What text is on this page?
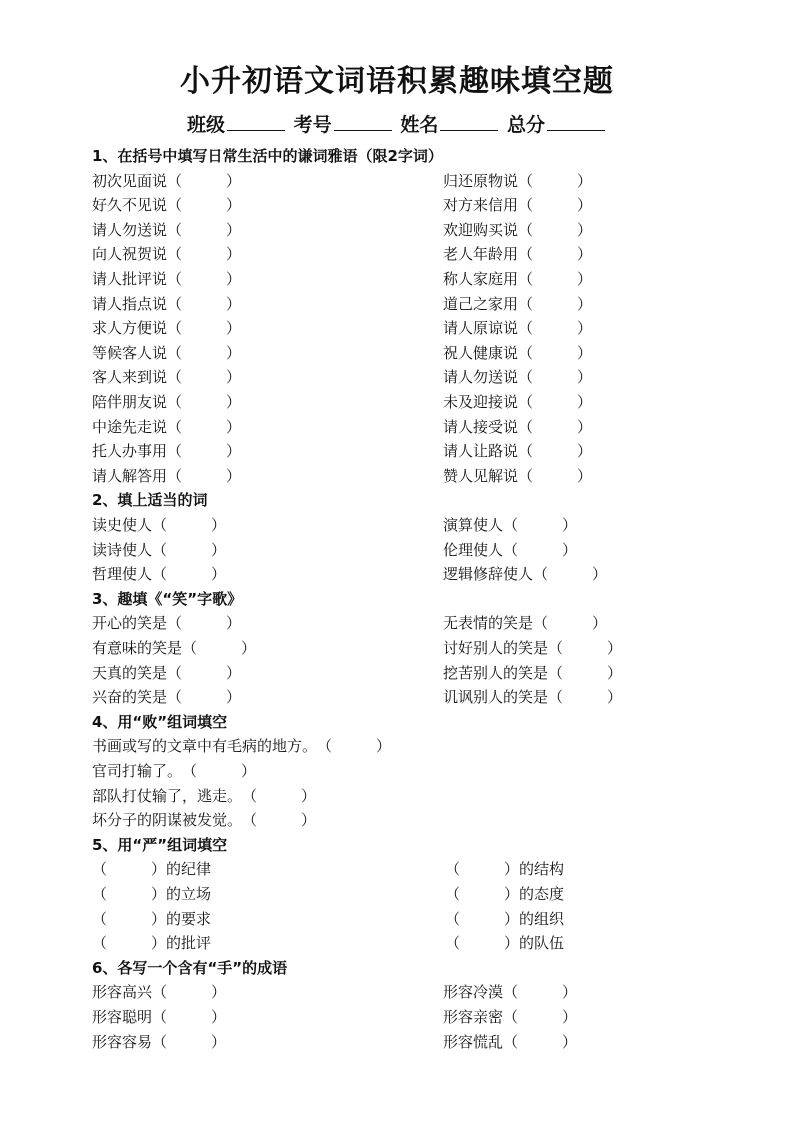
小升初语文词语积累趣味填空题
班级	考号	姓名	总分
1、在括号中填写日常生活中的谦词雅语（限2字词）
初次见面说（	）	归还原物说（	）
好久不见说（	）	对方来信用（	）
请人勿送说（	）	欢迎购买说（	）
向人祝贺说（	）	老人年龄用（	）
请人批评说（	）	称人家庭用（	）
请人指点说（	）	道己之家用（	）
求人方便说（	）	请人原谅说（	）
等候客人说（	）	祝人健康说（	）
客人来到说（	）	请人勿送说（	）
陪伴朋友说（	）	未及迎接说（	）
中途先走说（	）	请人接受说（	）
托人办事用（	）	请人让路说（	）
请人解答用（	）	赞人见解说（	）
2、填上适当的词
读史使人（	）	演算使人（	）
读诗使人（	）	伦理使人（	）
哲理使人（	）	逻辑修辞使人（	）
3、趣填《“笑”字歌》
开心的笑是（	）	无表情的笑是（	）
有意味的笑是（	）	讨好别人的笑是（	）
天真的笑是（	）	挖苦别人的笑是（	）
兴奋的笑是（	）	讥讽别人的笑是（	）
4、用“败”组词填空
书画或写的文章中有毛病的地方。（	）
官司打输了。（	）
部队打仗输了，逃走。（	）
坏分子的阴谋被发觉。（	）
5、用“严”组词填空
（	）的纪律	（	）的结构
（	）的立场	（	）的态度
（	）的要求	（	）的组织
（	）的批评	（	）的队伍
6、各写一个含有“手”的成语
形容高兴（	）	形容冷漠（	）
形容聪明（	）	形容亲密（	）
形容容易（	）	形容慌乱（	）
